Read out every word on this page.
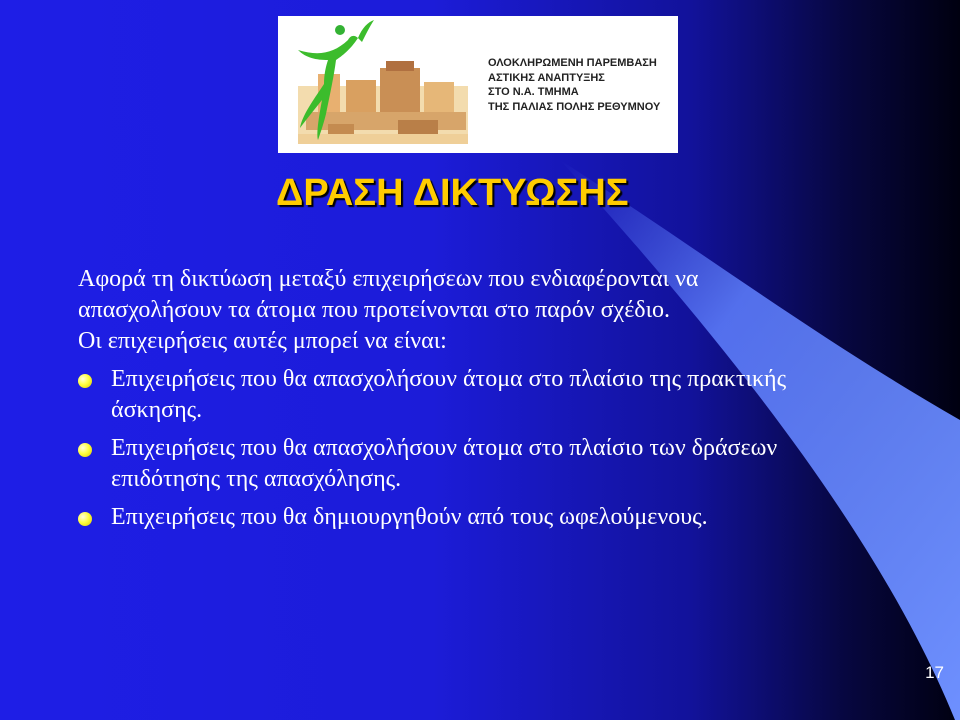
ΟΛΟΚΛΗΡΩΜΕΝΗ ΠΑΡΕΜΒΑΣΗ
ΑΣΤΙΚΗΣ ΑΝΑΠΤΥΞΗΣ
ΣΤΟ Ν.Α. ΤΜΗΜΑ
ΤΗΣ ΠΑΛΙΑΣ ΠΟΛΗΣ ΡΕΘΥΜΝΟΥ
ΔΡΑΣΗ ΔΙΚΤΥΩΣΗΣ

Αφορά τη δικτύωση μεταξύ επιχειρήσεων που ενδιαφέρονται να απασχολήσουν τα άτομα που προτείνονται στο παρόν σχέδιο.

Οι επιχειρήσεις αυτές μπορεί να είναι:

Επιχειρήσεις που θα απασχολήσουν άτομα στο πλαίσιο της πρακτικής άσκησης.
Επιχειρήσεις που θα απασχολήσουν άτομα στο πλαίσιο των δράσεων επιδότησης της απασχόλησης.
Επιχειρήσεις που θα δημιουργηθούν από τους ωφελούμενους.
17
